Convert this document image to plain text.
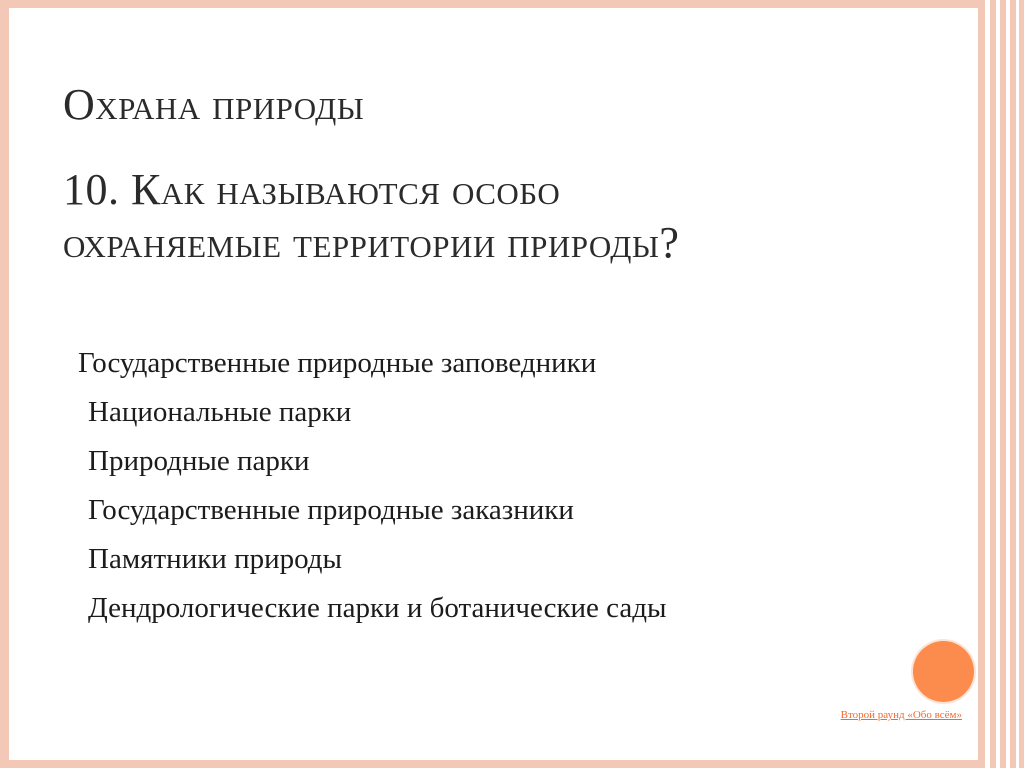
Охрана природы
10. Как называются особо
охраняемые территории природы?
Государственные природные заповедники
Национальные парки
Природные парки
Государственные природные заказники
Памятники природы
Дендрологические парки и ботанические сады
Второй раунд «Обо всём»
